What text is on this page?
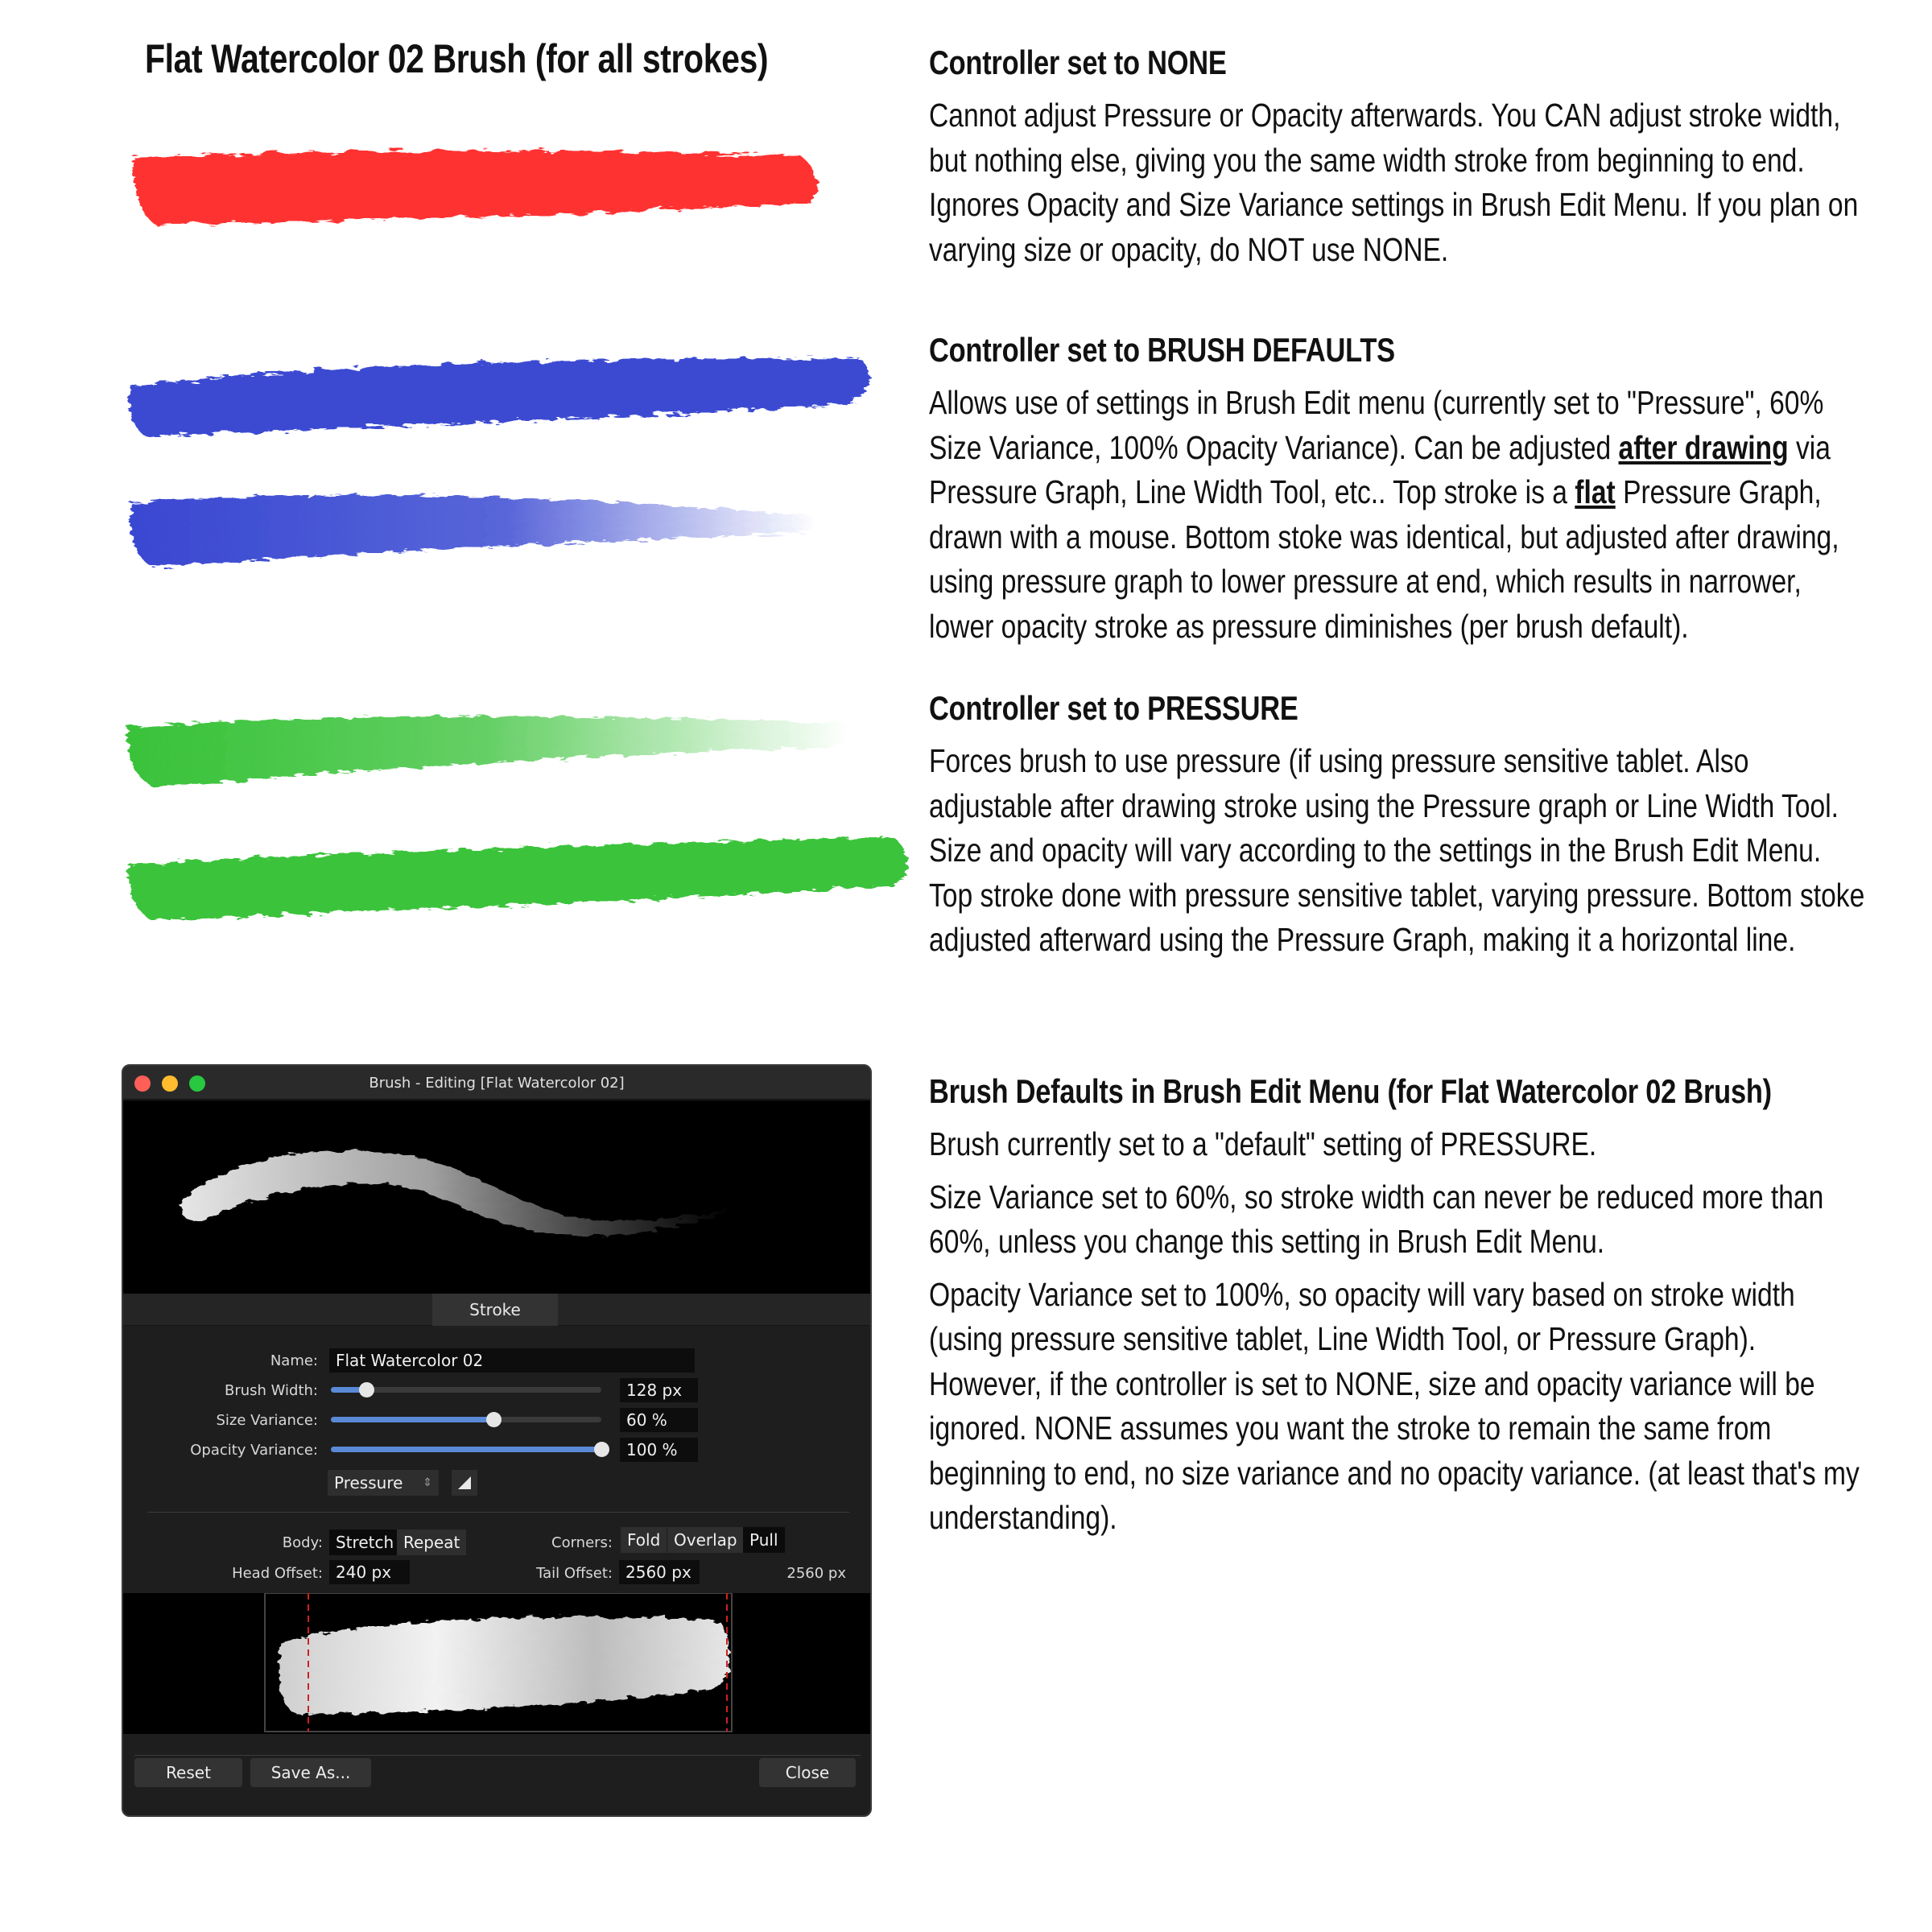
Flat Watercolor 02 Brush (for all strokes)	Controller set to NONE

Cannot adjust Pressure or Opacity afterwards. You CAN adjust stroke width, but nothing else, giving you the same width stroke from beginning to end. Ignores Opacity and Size Variance settings in Brush Edit Menu. If you plan on varying size or opacity, do NOT use NONE.

Controller set to BRUSH DEFAULTS

Allows use of settings in Brush Edit menu (currently set to "Pressure", 60% Size Variance, 100% Opacity Variance). Can be adjusted after drawing via Pressure Graph, Line Width Tool, etc.. Top stroke is a flat Pressure Graph, drawn with a mouse. Bottom stoke was identical, but adjusted after drawing, using pressure graph to lower pressure at end, which results in narrower, lower opacity stroke as pressure diminishes (per brush default).

Controller set to PRESSURE

Forces brush to use pressure (if using pressure sensitive tablet. Also adjustable after drawing stroke using the Pressure graph or Line Width Tool. Size and opacity will vary according to the settings in the Brush Edit Menu. Top stroke done with pressure sensitive tablet, varying pressure. Bottom stoke adjusted afterward using the Pressure Graph, making it a horizontal line.

Brush Defaults in Brush Edit Menu (for Flat Watercolor 02 Brush)

Brush currently set to a "default" setting of PRESSURE.

Size Variance set to 60%, so stroke width can never be reduced more than 60%, unless you change this setting in Brush Edit Menu.

Opacity Variance set to 100%, so opacity will vary based on stroke width (using pressure sensitive tablet, Line Width Tool, or Pressure Graph). However, if the controller is set to NONE, size and opacity variance will be ignored. NONE assumes you want the stroke to remain the same from beginning to end, no size variance and no opacity variance. (at least that's my understanding).

Brush - Editing [Flat Watercolor 02]
Stroke
Name:	Flat Watercolor 02
Brush Width:	128 px
Size Variance:	60 %
Opacity Variance:	100 %
Pressure ⇕
Body: Stretch Repeat	Corners: Fold Overlap Pull
Head Offset: 240 px	Tail Offset: 2560 px	2560 px
Reset	Save As...	Close
